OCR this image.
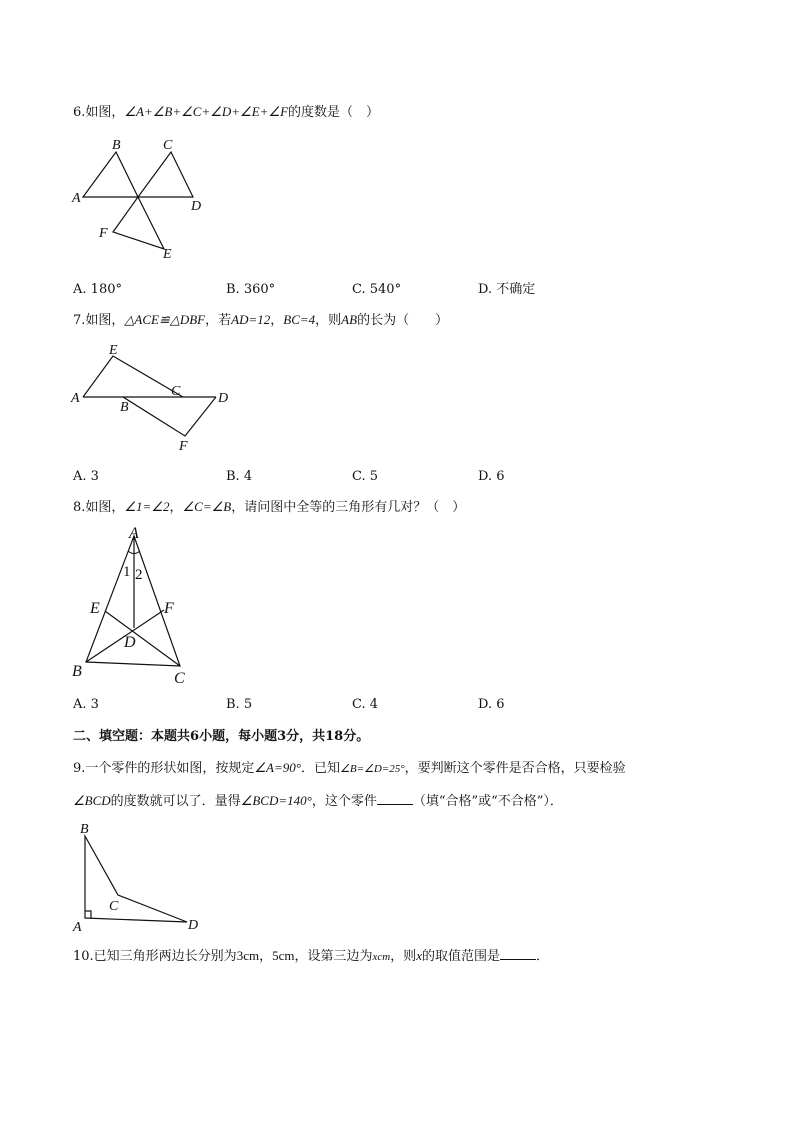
6.如图，∠A+∠B+∠C+∠D+∠E+∠F的度数是（　）
A
B	C
D
E
F
A. 180°	B. 360°	C. 540°	D. 不确定
7.如图，△ACE≌△DBF，若AD=12，BC=4，则AB的长为（　　）
A
B
C	D
E
F
A. 3	B. 4	C. 5	D. 6
8.如图，∠1=∠2，∠C=∠B，请问图中全等的三角形有几对？（　）
A
B	C
D
E	F
1 2
A. 3	B. 5	C. 4	D. 6
二、填空题：本题共6小题，每小题3分，共18分。
9.一个零件的形状如图，按规定∠A=90°．已知∠B=∠D=25°，要判断这个零件是否合格，只要检验
∠BCD的度数就可以了．量得∠BCD=140°，这个零件	（填“合格”或“不合格”）．
B
A
C
D
10.已知三角形两边长分别为3cm，5cm，设第三边为xcm，则x的取值范围是	．
